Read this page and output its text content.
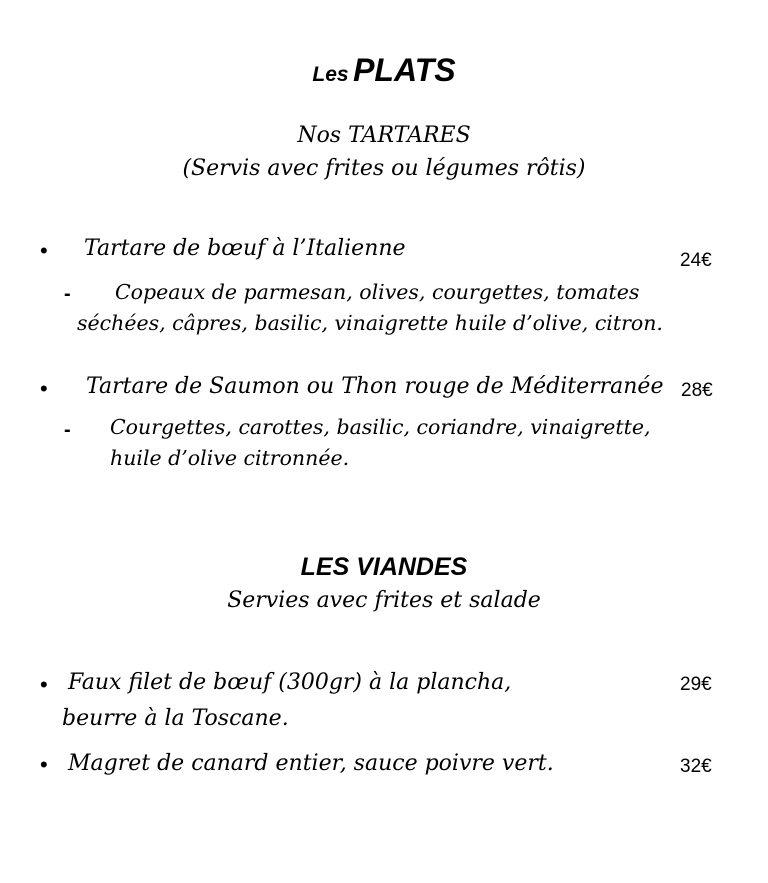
Les PLATS
Nos TARTARES
(Servis avec frites ou légumes rôtis)
• Tartare de bœuf à l’Italienne	24€
- Copeaux de parmesan, olives, courgettes, tomates
séchées, câpres, basilic, vinaigrette huile d’olive, citron.
• Tartare de Saumon ou Thon rouge de Méditerranée 28€
- Courgettes, carottes, basilic, coriandre, vinaigrette,
huile d’olive citronnée.
LES VIANDES
Servies avec frites et salade
• Faux filet de bœuf (300gr) à la plancha,
beurre à la Toscane.
29€
• Magret de canard entier, sauce poivre vert.	32€
